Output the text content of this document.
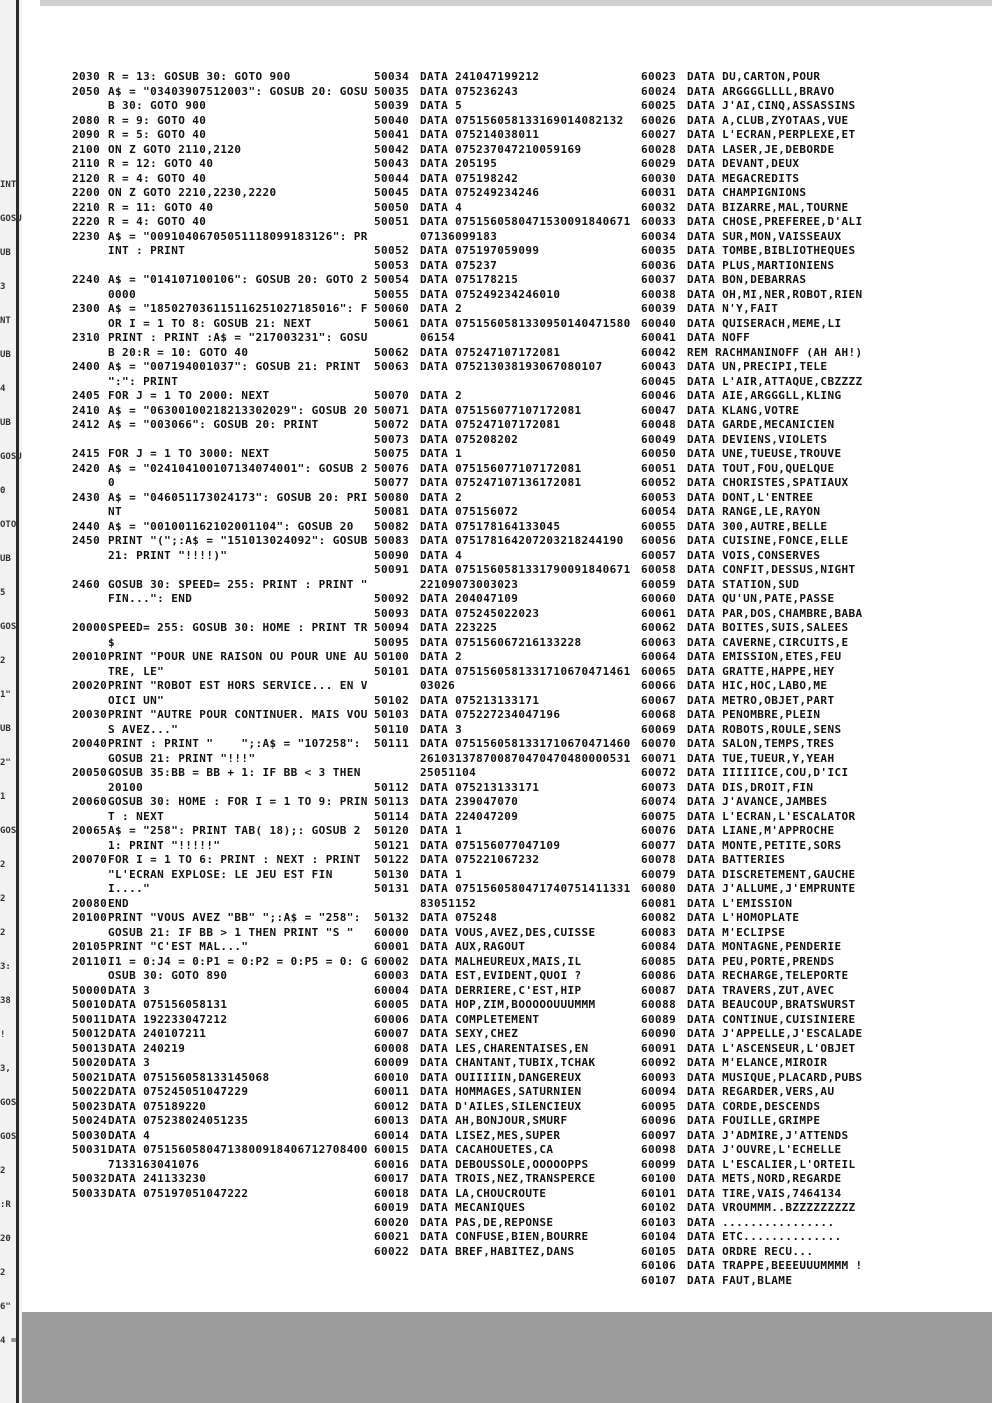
INT
GOSU
UB
3
NT
UB
4
UB
GOSU
0
OTO
UB
5
GOS
2
1"
UB
2"
1
GOS
2
2
2
3:
38
!
3,
GOS
GOS
2
:R
20
2
6"
4 =
2030 R = 13: GOSUB 30: GOTO 900
2050 A$ = "03403907512003": GOSUB 20: GOSUB 30: GOTO 900
2080 R = 9: GOTO 40
2090 R = 5: GOTO 40
2100 ON Z GOTO 2110,2120
2110 R = 12: GOTO 40
2120 R = 4: GOTO 40
2200 ON Z GOTO 2210,2230,2220
2210 R = 11: GOTO 40
2220 R = 4: GOTO 40
2230 A$ = "00910406705051118099183126": PRINT : PRINT
2240 A$ = "014107100106": GOSUB 20: GOTO 20000
2300 A$ = "185027036115116251027185016": FOR I = 1 TO 8: GOSUB 21: NEXT
2310 PRINT : PRINT :A$ = "217003231": GOSUB 20:R = 10: GOTO 40
2400 A$ = "007194001037": GOSUB 21: PRINT ":": PRINT
2405 FOR J = 1 TO 2000: NEXT
2410 A$ = "06300100218213302029": GOSUB 20
2412 A$ = "003066": GOSUB 20: PRINT
2415 FOR J = 1 TO 3000: NEXT
2420 A$ = "024104100107134074001": GOSUB 20
2430 A$ = "046051173024173": GOSUB 20: PRINT
2440 A$ = "001001162102001104": GOSUB 20
2450 PRINT "(";:A$ = "151013024092": GOSUB 21: PRINT "!!!!)"
2460 GOSUB 30: SPEED= 255: PRINT : PRINT "       FIN...": END
20000 SPEED= 255: GOSUB 30: HOME : PRINT TR$
20010 PRINT "POUR UNE RAISON OU POUR UNE AUTRE, LE"
20020 PRINT "ROBOT EST HORS SERVICE... EN VOICI UN"
20030 PRINT "AUTRE POUR CONTINUER. MAIS VOUS AVEZ..."
20040 PRINT : PRINT "    ";:A$ = "107258": GOSUB 21: PRINT "!!!"
20050 GOSUB 35:BB = BB + 1: IF BB < 3 THEN 20100
20060 GOSUB 30: HOME : FOR I = 1 TO 9: PRINT : NEXT
20065 A$ = "258": PRINT TAB( 18);: GOSUB 21: PRINT "!!!!!"
20070 FOR I = 1 TO 6: PRINT : NEXT : PRINT "L'ECRAN EXPLOSE: LE JEU EST FINI...."
20080 END
20100 PRINT "VOUS AVEZ "BB" ";:A$ = "258": GOSUB 21: IF BB > 1 THEN PRINT "S "
20105 PRINT "C'EST MAL..."
20110 I1 = 0:J4 = 0:P1 = 0:P2 = 0:P5 = 0: GOSUB 30: GOTO 890
50000 DATA 3
50010 DATA 075156058131
50011 DATA 192233047212
50012 DATA 240107211
50013 DATA 240219
50020 DATA 3
50021 DATA 075156058133145068
50022 DATA 075245051047229
50023 DATA 075189220
50024 DATA 075238024051235
50030 DATA 4
50031 DATA 075156058047138009184067127084007133163041076
50032 DATA 241133230
50033 DATA 075197051047222
50034 DATA 241047199212
50035 DATA 075236243
50039 DATA 5
50040 DATA 075156058133169014082132
50041 DATA 075214038011
50042 DATA 075237047210059169
50043 DATA 205195
50044 DATA 075198242
50045 DATA 075249234246
50050 DATA 4
50051 DATA 075156058047153009184067107136099183
50052 DATA 075197059099
50053 DATA 075237
50054 DATA 075178215
50055 DATA 075249234246010
50060 DATA 2
50061 DATA 075156058133095014047158006154
50062 DATA 075247107172081
50063 DATA 075213038193067080107
50070 DATA 2
50071 DATA 075156077107172081
50072 DATA 075247107172081
50073 DATA 075208202
50075 DATA 1
50076 DATA 075156077107172081
50077 DATA 075247107136172081
50080 DATA 2
50081 DATA 075156072
50082 DATA 075178164133045
50083 DATA 075178164207203218244190
50090 DATA 4
50091 DATA 075156058133179009184067122109073003023
50092 DATA 204047109
50093 DATA 075245022023
50094 DATA 223225
50095 DATA 075156067216133228
50100 DATA 2
50101 DATA 075156058133171067047146103026
50102 DATA 075213133171
50103 DATA 075227234047196
50110 DATA 3
50111 DATA 075156058133171067047146026103137870087047047048000053125051104
50112 DATA 075213133171
50113 DATA 239047070
50114 DATA 224047209
50120 DATA 1
50121 DATA 075156077047109
50122 DATA 075221067232
50130 DATA 1
50131 DATA 075156058047174075141133183051152
50132 DATA 075248
60000 DATA VOUS,AVEZ,DES,CUISSE
60001 DATA AUX,RAGOUT
60002 DATA MALHEUREUX,MAIS,IL
60003 DATA EST,EVIDENT,QUOI ?
60004 DATA DERRIERE,C'EST,HIP
60005 DATA HOP,ZIM,BOOOOOUUUMMM
60006 DATA COMPLETEMENT
60007 DATA SEXY,CHEZ
60008 DATA LES,CHARENTAISES,EN
60009 DATA CHANTANT,TUBIX,TCHAK
60010 DATA OUIIIIIN,DANGEREUX
60011 DATA HOMMAGES,SATURNIEN
60012 DATA D'AILES,SILENCIEUX
60013 DATA AH,BONJOUR,SMURF
60014 DATA LISEZ,MES,SUPER
60015 DATA CACAHOUETES,CA
60016 DATA DEBOUSSOLE,OOOOOPPS
60017 DATA TROIS,NEZ,TRANSPERCE
60018 DATA LA,CHOUCROUTE
60019 DATA MECANIQUES
60020 DATA PAS,DE,REPONSE
60021 DATA CONFUSE,BIEN,BOURRE
60022 DATA BREF,HABITEZ,DANS
60023 DATA DU,CARTON,POUR
60024 DATA ARGGGGLLLL,BRAVO
60025 DATA J'AI,CINQ,ASSASSINS
60026 DATA A,CLUB,ZYOTAAS,VUE
60027 DATA L'ECRAN,PERPLEXE,ET
60028 DATA LASER,JE,DEBORDE
60029 DATA DEVANT,DEUX
60030 DATA MEGACREDITS
60031 DATA CHAMPIGNIONS
60032 DATA BIZARRE,MAL,TOURNE
60033 DATA CHOSE,PREFEREE,D'ALI
60034 DATA SUR,MON,VAISSEAUX
60035 DATA TOMBE,BIBLIOTHEQUES
60036 DATA PLUS,MARTIONIENS
60037 DATA BON,DEBARRAS
60038 DATA OH,MI,NER,ROBOT,RIEN
60039 DATA N'Y,FAIT
60040 DATA QUISERACH,MEME,LI
60041 DATA NOFF
60042 REM RACHMANINOFF (AH AH!)
60043 DATA UN,PRECIPI,TELE
60045 DATA L'AIR,ATTAQUE,CBZZZZ
60046 DATA AIE,ARGGGLL,KLING
60047 DATA KLANG,VOTRE
60048 DATA GARDE,MECANICIEN
60049 DATA DEVIENS,VIOLETS
60050 DATA UNE,TUEUSE,TROUVE
60051 DATA TOUT,FOU,QUELQUE
60052 DATA CHORISTES,SPATIAUX
60053 DATA DONT,L'ENTREE
60054 DATA RANGE,LE,RAYON
60055 DATA 300,AUTRE,BELLE
60056 DATA CUISINE,FONCE,ELLE
60057 DATA VOIS,CONSERVES
60058 DATA CONFIT,DESSUS,NIGHT
60059 DATA STATION,SUD
60060 DATA QU'UN,PATE,PASSE
60061 DATA PAR,DOS,CHAMBRE,BABA
60062 DATA BOITES,SUIS,SALEES
60063 DATA CAVERNE,CIRCUITS,E
60064 DATA EMISSION,ETES,FEU
60065 DATA GRATTE,HAPPE,HEY
60066 DATA HIC,HOC,LABO,ME
60067 DATA METRO,OBJET,PART
60068 DATA PENOMBRE,PLEIN
60069 DATA ROBOTS,ROULE,SENS
60070 DATA SALON,TEMPS,TRES
60071 DATA TUE,TUEUR,Y,YEAH
60072 DATA IIIIIICE,COU,D'ICI
60073 DATA DIS,DROIT,FIN
60074 DATA J'AVANCE,JAMBES
60075 DATA L'ECRAN,L'ESCALATOR
60076 DATA LIANE,M'APPROCHE
60077 DATA MONTE,PETITE,SORS
60078 DATA BATTERIES
60079 DATA DISCRETEMENT,GAUCHE
60080 DATA J'ALLUME,J'EMPRUNTE
60081 DATA L'EMISSION
60082 DATA L'HOMOPLATE
60083 DATA M'ECLIPSE
60084 DATA MONTAGNE,PENDERIE
60085 DATA PEU,PORTE,PRENDS
60086 DATA RECHARGE,TELEPORTE
60087 DATA TRAVERS,ZUT,AVEC
60088 DATA BEAUCOUP,BRATSWURST
60089 DATA CONTINUE,CUISINIERE
60090 DATA J'APPELLE,J'ESCALADE
60091 DATA L'ASCENSEUR,L'OBJET
60092 DATA M'ELANCE,MIROIR
60093 DATA MUSIQUE,PLACARD,PUBS
60094 DATA REGARDER,VERS,AU
60095 DATA CORDE,DESCENDS
60096 DATA FOUILLE,GRIMPE
60097 DATA J'ADMIRE,J'ATTENDS
60098 DATA J'OUVRE,L'ECHELLE
60099 DATA L'ESCALIER,L'ORTEIL
60100 DATA METS,NORD,REGARDE
60101 DATA TIRE,VAIS,7464134
60102 DATA VROUMMM..BZZZZZZZZZ
60103 DATA ................
60104 DATA ETC..............
60105 DATA ORDRE RECU...
60106 DATA TRAPPE,BEEEUUUMMMM !
60107 DATA FAUT,BLAME
